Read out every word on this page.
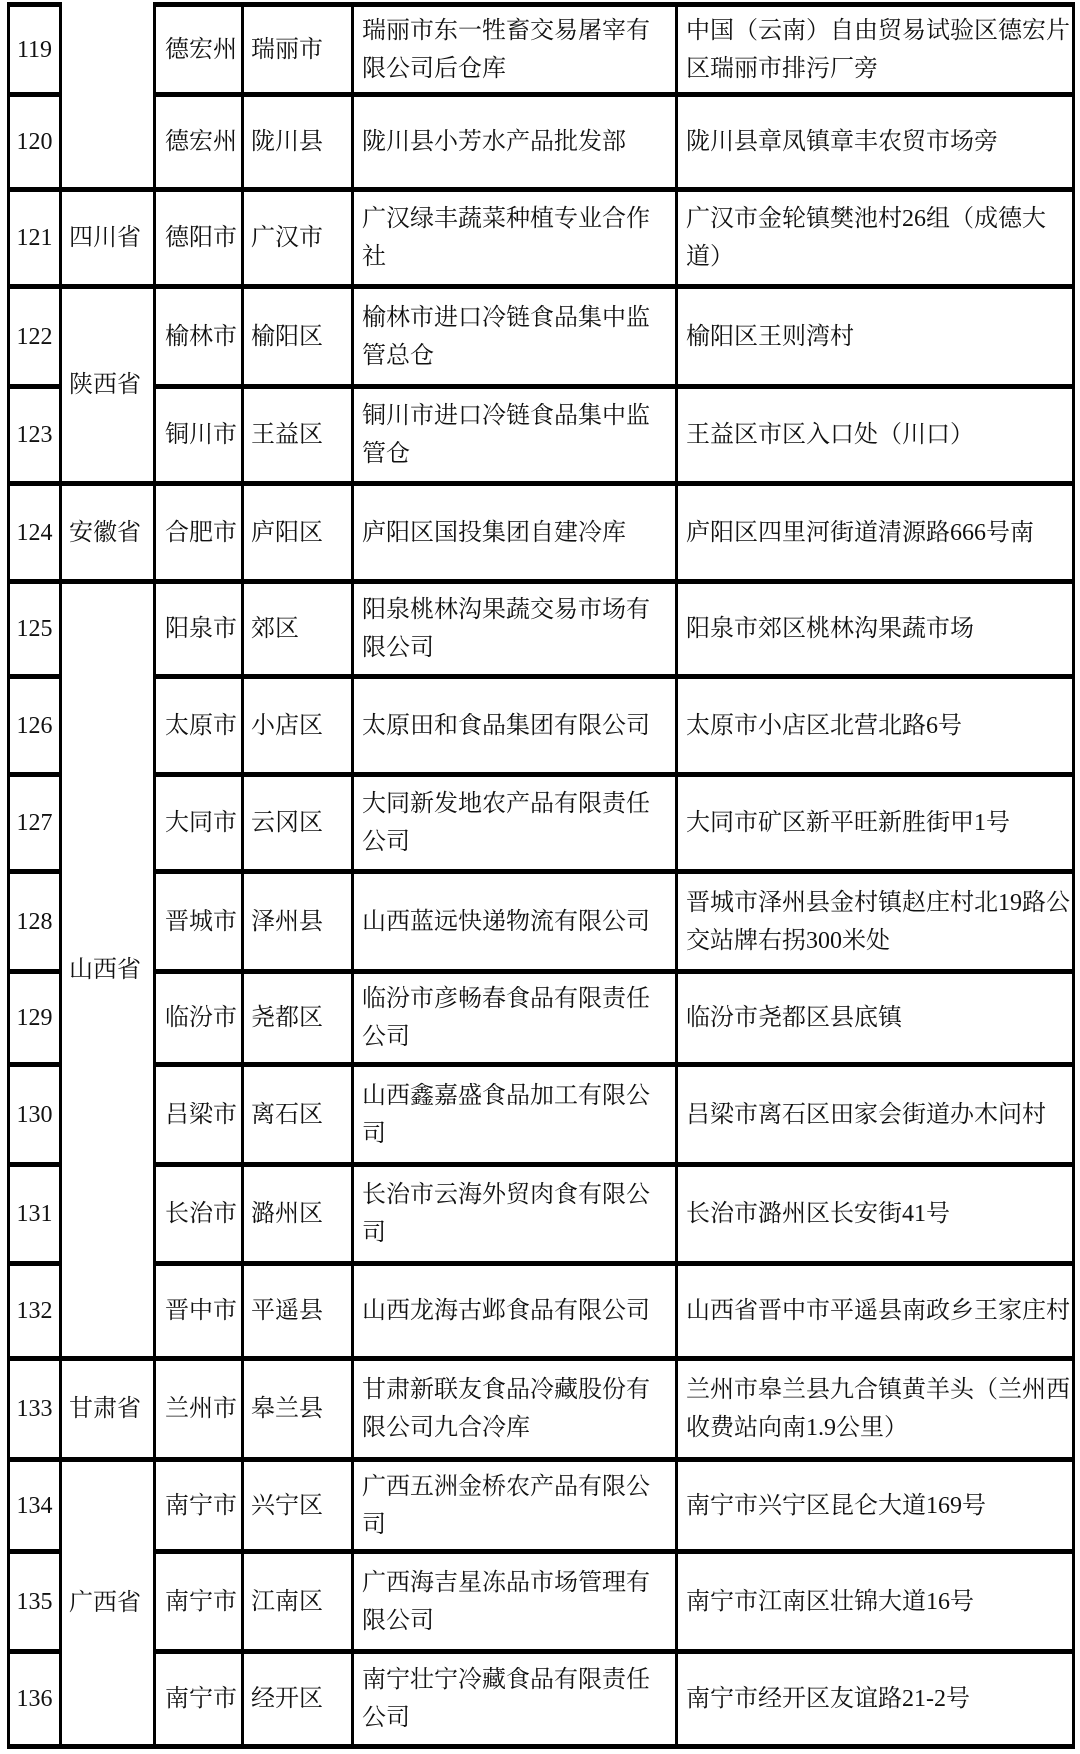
119		德宏州	瑞丽市	瑞丽市东一牲畜交易屠宰有限公司后仓库	中国（云南）自由贸易试验区德宏片区瑞丽市排污厂旁
120		德宏州	陇川县	陇川县小芳水产品批发部	陇川县章凤镇章丰农贸市场旁
121	四川省	德阳市	广汉市	广汉绿丰蔬菜种植专业合作社	广汉市金轮镇樊池村26组（成德大道）
122	陕西省	榆林市	榆阳区	榆林市进口冷链食品集中监管总仓	榆阳区王则湾村
123		铜川市	王益区	铜川市进口冷链食品集中监管仓	王益区市区入口处（川口）
124	安徽省	合肥市	庐阳区	庐阳区国投集团自建冷库	庐阳区四里河街道清源路666号南
125	山西省	阳泉市	郊区	阳泉桃林沟果蔬交易市场有限公司	阳泉市郊区桃林沟果蔬市场
126		太原市	小店区	太原田和食品集团有限公司	太原市小店区北营北路6号
127		大同市	云冈区	大同新发地农产品有限责任公司	大同市矿区新平旺新胜街甲1号
128		晋城市	泽州县	山西蓝远快递物流有限公司	晋城市泽州县金村镇赵庄村北19路公交站牌右拐300米处
129		临汾市	尧都区	临汾市彦畅春食品有限责任公司	临汾市尧都区县底镇
130		吕梁市	离石区	山西鑫嘉盛食品加工有限公司	吕梁市离石区田家会街道办木问村
131		长治市	潞州区	长治市云海外贸肉食有限公司	长治市潞州区长安街41号
132		晋中市	平遥县	山西龙海古邺食品有限公司	山西省晋中市平遥县南政乡王家庄村
133	甘肃省	兰州市	皋兰县	甘肃新联友食品冷藏股份有限公司九合冷库	兰州市皋兰县九合镇黄羊头（兰州西收费站向南1.9公里）
134	广西省	南宁市	兴宁区	广西五洲金桥农产品有限公司	南宁市兴宁区昆仑大道169号
135		南宁市	江南区	广西海吉星冻品市场管理有限公司	南宁市江南区壮锦大道16号
136		南宁市	经开区	南宁壮宁冷藏食品有限责任公司	南宁市经开区友谊路21-2号
